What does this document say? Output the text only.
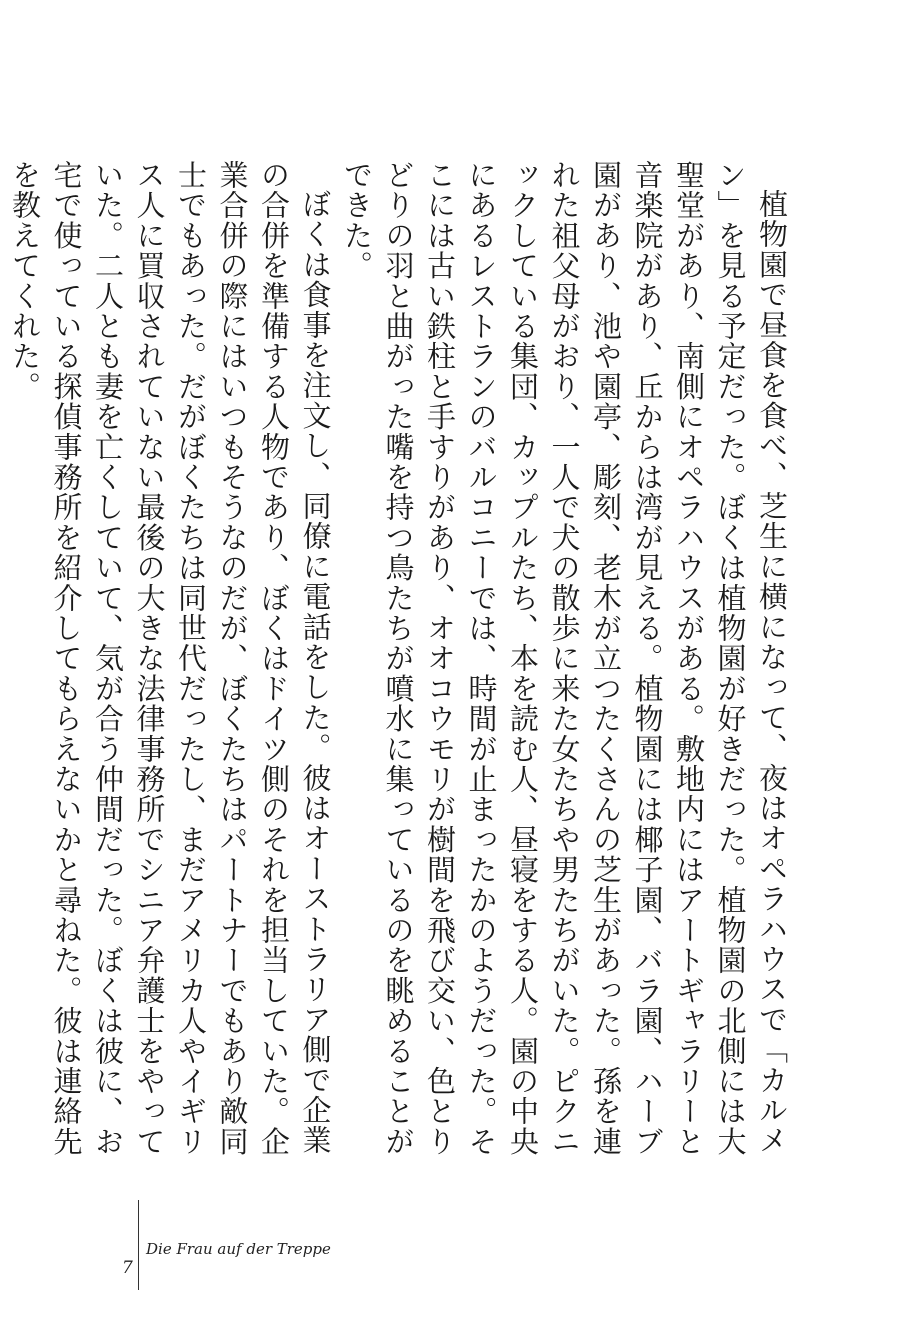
植物園で昼食を食べ、芝生に横になって、夜はオペラハウスで「カルメン」を見る予定だった。ぼくは植物園が好きだった。植物園の北側には大聖堂があり、南側にオペラハウスがある。敷地内にはアートギャラリーと音楽院があり、丘からは湾が見える。植物園には椰子園、バラ園、ハーブ園があり、池や園亭、彫刻、老木が立つたくさんの芝生があった。孫を連れた祖父母がおり、一人で犬の散歩に来た女たちや男たちがいた。ピクニックしている集団、カップルたち、本を読む人、昼寝をする人。園の中央にあるレストランのバルコニーでは、時間が止まったかのようだった。そこには古い鉄柱と手すりがあり、オオコウモリが樹間を飛び交い、色とりどりの羽と曲がった嘴を持つ鳥たちが噴水に集っているのを眺めることができた。

ぼくは食事を注文し、同僚に電話をした。彼はオーストラリア側で企業の合併を準備する人物であり、ぼくはドイツ側のそれを担当していた。企業合併の際にはいつもそうなのだが、ぼくたちはパートナーでもあり敵同士でもあった。だがぼくたちは同世代だったし、まだアメリカ人やイギリス人に買収されていない最後の大きな法律事務所でシニア弁護士をやっていた。二人とも妻を亡くしていて、気が合う仲間だった。ぼくは彼に、お宅で使っている探偵事務所を紹介してもらえないかと尋ねた。彼は連絡先を教えてくれた。

7
Die Frau auf der Treppe
